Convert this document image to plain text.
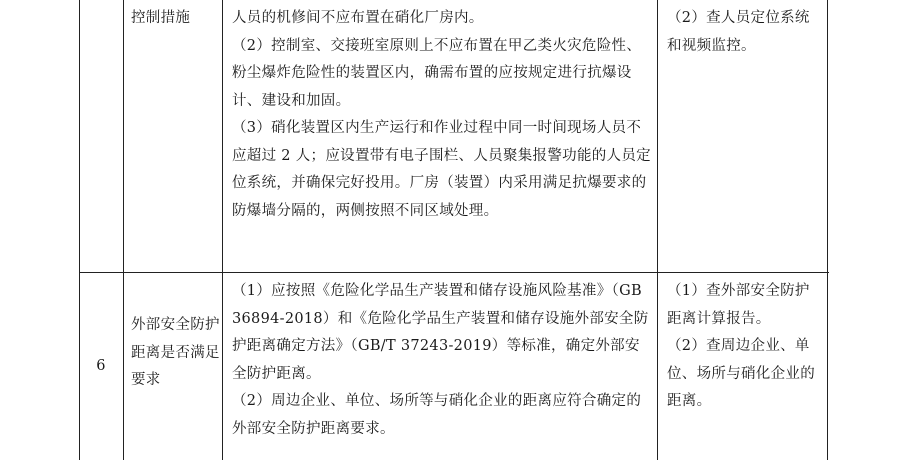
控制措施	人员的机修间不应布置在硝化厂房内。

（2）控制室、交接班室原则上不应布置在甲乙类火灾危险性、粉尘爆炸危险性的装置区内，确需布置的应按规定进行抗爆设计、建设和加固。

（3）硝化装置区内生产运行和作业过程中同一时间现场人员不应超过 2 人；应设置带有电子围栏、人员聚集报警功能的人员定位系统，并确保完好投用。厂房（装置）内采用满足抗爆要求的防爆墙分隔的，两侧按照不同区域处理。

（2）查人员定位系统和视频监控。

6
外部安全防护距离是否满足要求

（1）应按照《危险化学品生产装置和储存设施风险基准》（GB 36894-2018）和《危险化学品生产装置和储存设施外部安全防护距离确定方法》（GB/T 37243-2019）等标准，确定外部安全防护距离。

（2）周边企业、单位、场所等与硝化企业的距离应符合确定的外部安全防护距离要求。

（1）查外部安全防护距离计算报告。

（2）查周边企业、单位、场所与硝化企业的距离。
